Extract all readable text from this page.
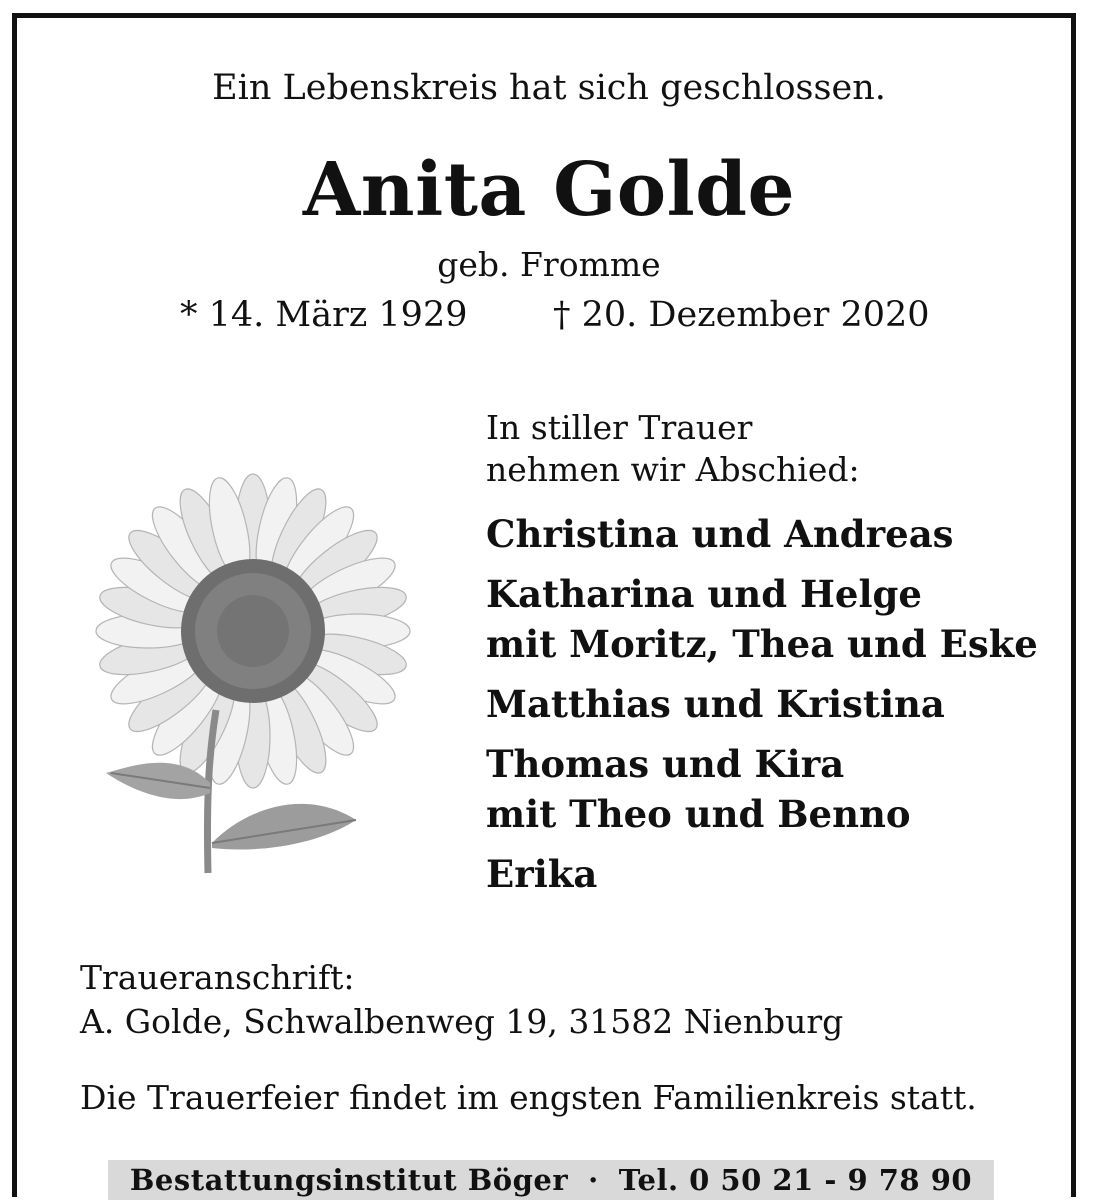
Ein Lebenskreis hat sich geschlossen.
Anita Golde
geb. Fromme
* 14. März 1929 † 20. Dezember 2020
In stiller Trauer
nehmen wir Abschied:
Christina und Andreas
Katharina und Helge
mit Moritz, Thea und Eske
Matthias und Kristina
Thomas und Kira
mit Theo und Benno
Erika
Traueranschrift:
A. Golde, Schwalbenweg 19, 31582 Nienburg
Die Trauerfeier findet im engsten Familienkreis statt.
Bestattungsinstitut Böger · Tel. 0 50 21 - 9 78 90
